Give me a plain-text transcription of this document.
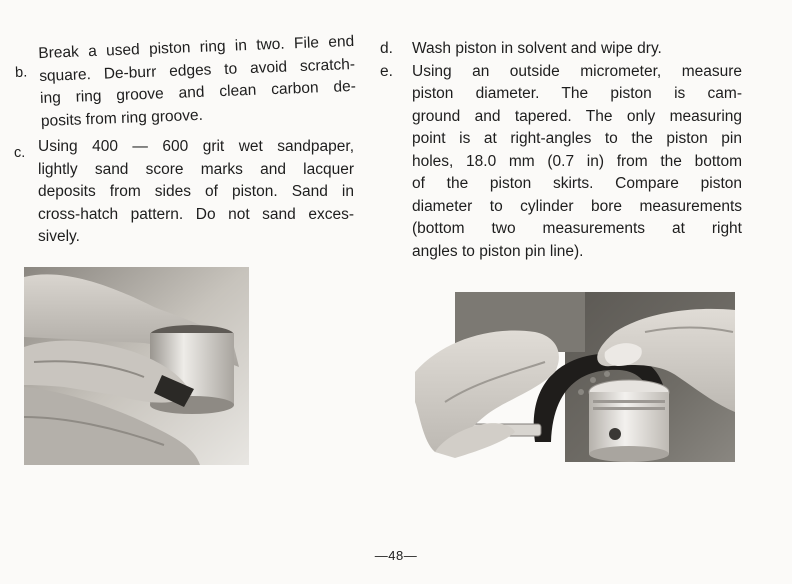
b.
Break a used piston ring in two. File end
square. De-burr edges to avoid scratch-
ing ring groove and clean carbon de-
posits from ring groove.
c. Using 400 — 600 grit wet sandpaper,
lightly sand score marks and lacquer
deposits from sides of piston. Sand in
cross-hatch pattern. Do not sand exces-
sively.
d. Wash piston in solvent and wipe dry.
e. Using an outside micrometer, measure
piston diameter. The piston is cam-
ground and tapered. The only measuring
point is at right-angles to the piston pin
holes, 18.0 mm (0.7 in) from the bottom
of the piston skirts. Compare piston
diameter to cylinder bore measurements
(bottom two measurements at right
angles to piston pin line).
—48—
